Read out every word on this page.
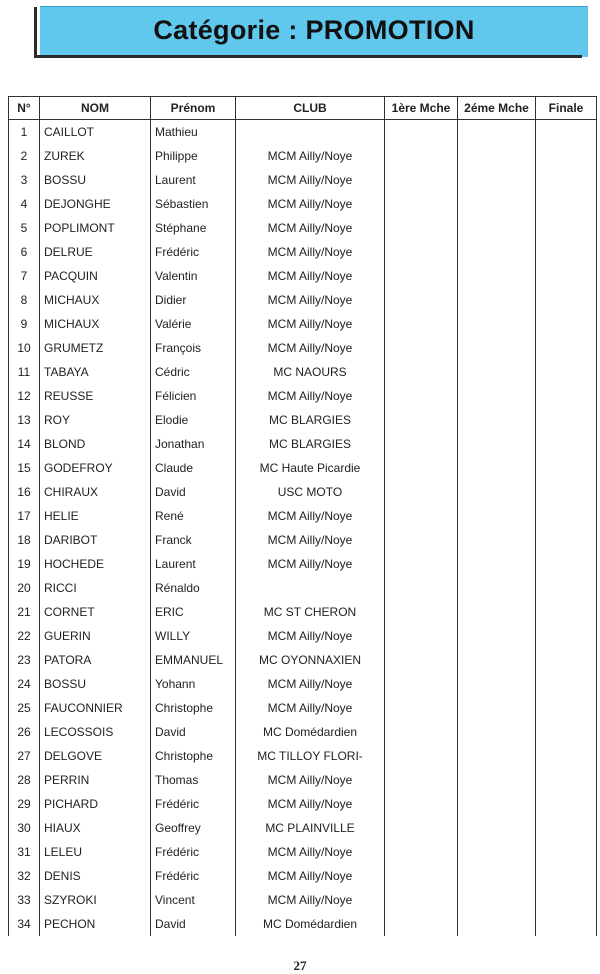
Catégorie : PROMOTION
N°	NOM	Prénom	CLUB	1ère Mche	2éme Mche	Finale
1	CAILLOT	Mathieu				
2	ZUREK	Philippe	MCM Ailly/Noye			
3	BOSSU	Laurent	MCM Ailly/Noye			
4	DEJONGHE	Sébastien	MCM Ailly/Noye			
5	POPLIMONT	Stéphane	MCM Ailly/Noye			
6	DELRUE	Frédéric	MCM Ailly/Noye			
7	PACQUIN	Valentin	MCM Ailly/Noye			
8	MICHAUX	Didier	MCM Ailly/Noye			
9	MICHAUX	Valérie	MCM Ailly/Noye			
10	GRUMETZ	François	MCM Ailly/Noye			
11	TABAYA	Cédric	MC NAOURS			
12	REUSSE	Félicien	MCM Ailly/Noye			
13	ROY	Elodie	MC BLARGIES			
14	BLOND	Jonathan	MC BLARGIES			
15	GODEFROY	Claude	MC Haute Picardie			
16	CHIRAUX	David	USC MOTO			
17	HELIE	René	MCM Ailly/Noye			
18	DARIBOT	Franck	MCM Ailly/Noye			
19	HOCHEDE	Laurent	MCM Ailly/Noye			
20	RICCI	Rénaldo				
21	CORNET	ERIC	MC ST CHERON			
22	GUERIN	WILLY	MCM Ailly/Noye			
23	PATORA	EMMANUEL	MC OYONNAXIEN			
24	BOSSU	Yohann	MCM Ailly/Noye			
25	FAUCONNIER	Christophe	MCM Ailly/Noye			
26	LECOSSOIS	David	MC Domédardien			
27	DELGOVE	Christophe	MC TILLOY FLORI-			
28	PERRIN	Thomas	MCM Ailly/Noye			
29	PICHARD	Frédéric	MCM Ailly/Noye			
30	HIAUX	Geoffrey	MC PLAINVILLE			
31	LELEU	Frédéric	MCM Ailly/Noye			
32	DENIS	Frédéric	MCM Ailly/Noye			
33	SZYROKI	Vincent	MCM Ailly/Noye			
34	PECHON	David	MC Domédardien			
27
